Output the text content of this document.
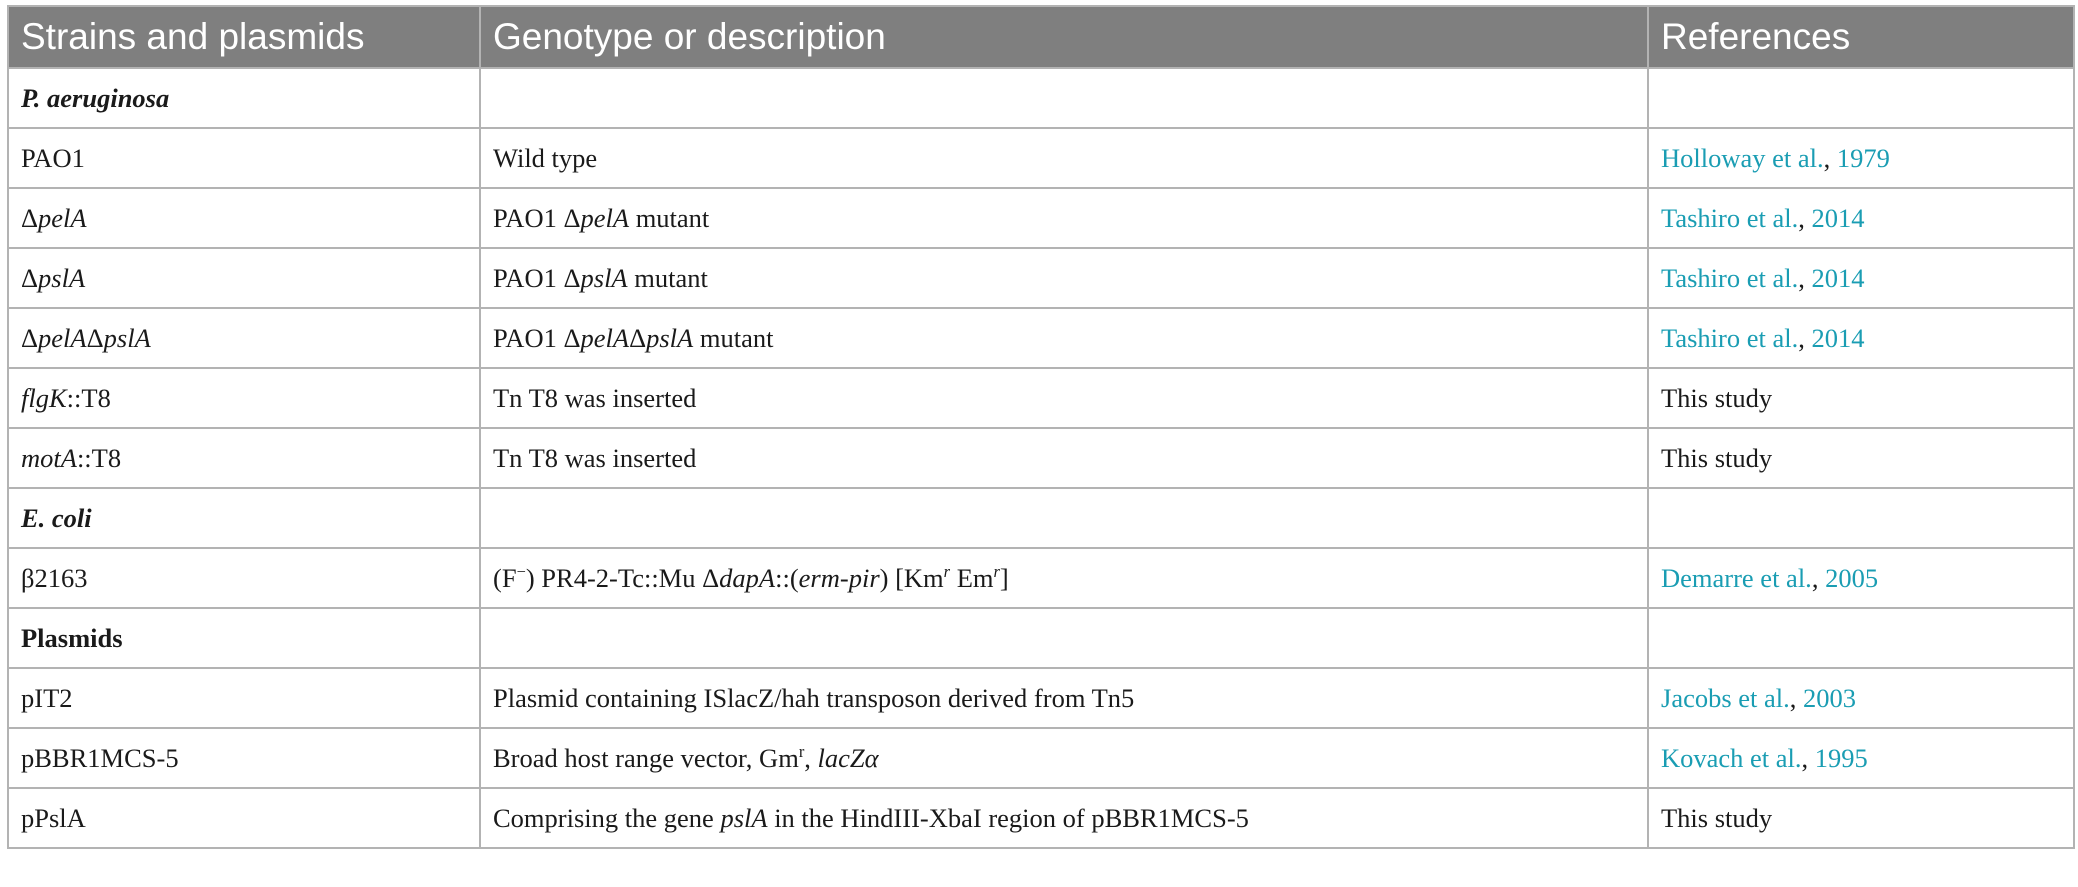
Strains and plasmids	Genotype or description	References
P. aeruginosa		
PAO1	Wild type	Holloway et al., 1979
ΔpelA	PAO1 ΔpelA mutant	Tashiro et al., 2014
ΔpslA	PAO1 ΔpslA mutant	Tashiro et al., 2014
ΔpelAΔpslA	PAO1 ΔpelAΔpslA mutant	Tashiro et al., 2014
flgK::T8	Tn T8 was inserted	This study
motA::T8	Tn T8 was inserted	This study
E. coli		
β2163	(F−) PR4-2-Tc::Mu ΔdapA::(erm-pir) [Km$^r$ Em$^r$]	Demarre et al., 2005
Plasmids		
pIT2	Plasmid containing ISlacZ/hah transposon derived from Tn5	Jacobs et al., 2003
pBBR1MCS-5	Broad host range vector, Gm$^r$, lacZα	Kovach et al., 1995
pPslA	Comprising the gene pslA in the HindIII-XbaI region of pBBR1MCS-5	This study
